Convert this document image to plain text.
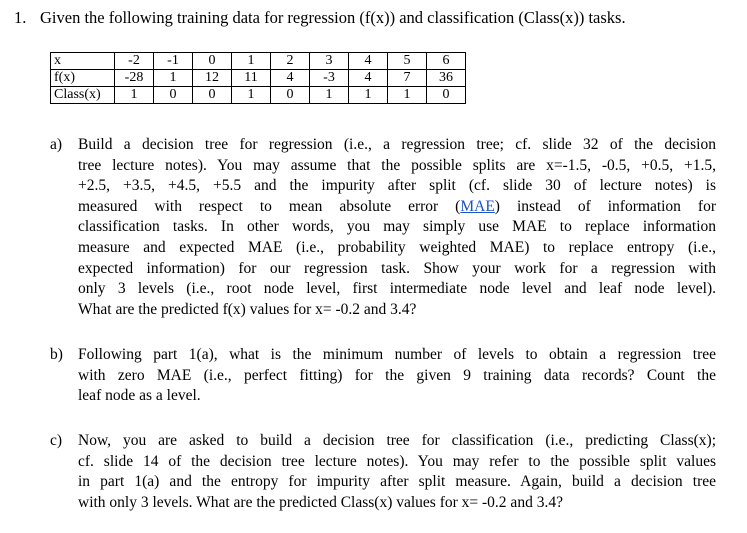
1. Given the following training data for regression (f(x)) and classification (Class(x)) tasks.
x	-2	-1	0	1	2	3	4	5	6
f(x)	-28	1	12	11	4	-3	4	7	36
Class(x)	1	0	0	1	0	1	1	1	0
a) Build a decision tree for regression (i.e., a regression tree; cf. slide 32 of the decision
tree lecture notes). You may assume that the possible splits are x=-1.5, -0.5, +0.5, +1.5,
+2.5, +3.5, +4.5, +5.5 and the impurity after split (cf. slide 30 of lecture notes) is
measured with respect to mean absolute error (MAE) instead of information for
classification tasks. In other words, you may simply use MAE to replace information
measure and expected MAE (i.e., probability weighted MAE) to replace entropy (i.e.,
expected information) for our regression task. Show your work for a regression with
only 3 levels (i.e., root node level, first intermediate node level and leaf node level).
What are the predicted f(x) values for x= -0.2 and 3.4?
b) Following part 1(a), what is the minimum number of levels to obtain a regression tree
with zero MAE (i.e., perfect fitting) for the given 9 training data records? Count the
leaf node as a level.
c) Now, you are asked to build a decision tree for classification (i.e., predicting Class(x);
cf. slide 14 of the decision tree lecture notes). You may refer to the possible split values
in part 1(a) and the entropy for impurity after split measure. Again, build a decision tree
with only 3 levels. What are the predicted Class(x) values for x= -0.2 and 3.4?
